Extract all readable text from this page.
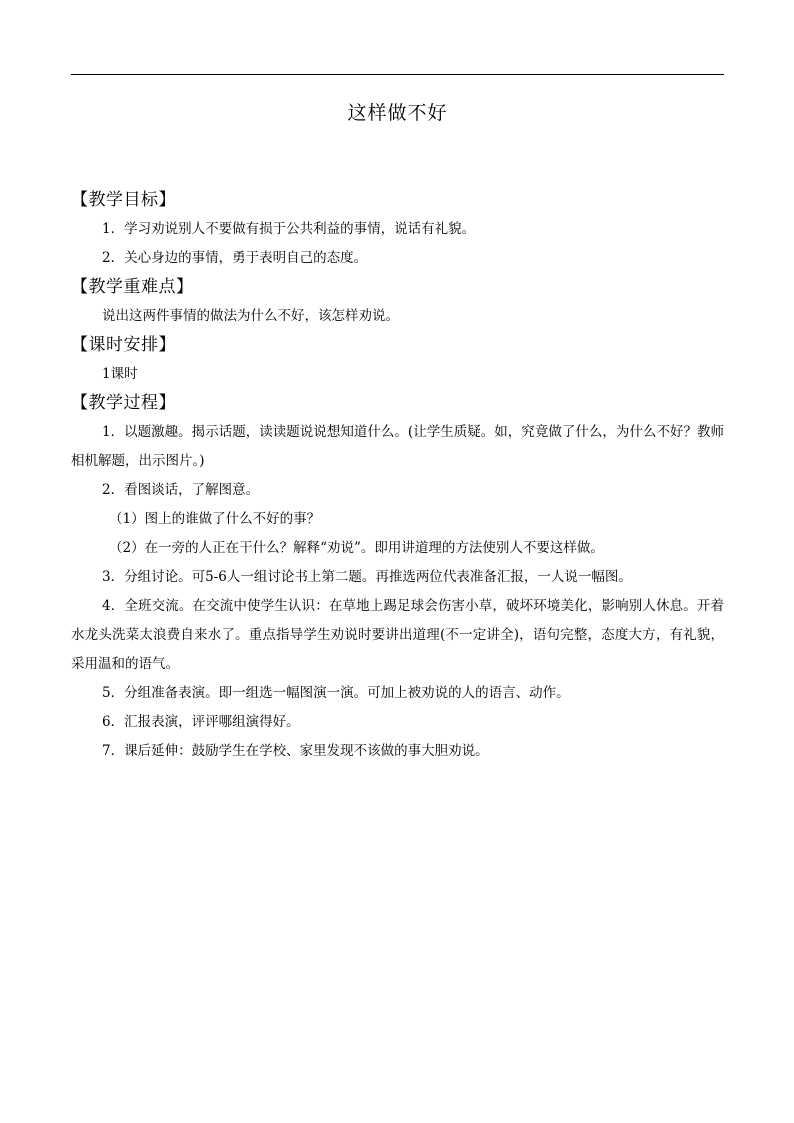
这样做不好
【教学目标】

1．学习劝说别人不要做有损于公共利益的事情，说话有礼貌。

2．关心身边的事情，勇于表明自己的态度。

【教学重难点】

说出这两件事情的做法为什么不好，该怎样劝说。

【课时安排】

1课时

【教学过程】

1．以题激趣。揭示话题，读读题说说想知道什么。(让学生质疑。如，究竟做了什么，为什么不好？教师相机解题，出示图片。)

2．看图谈话，了解图意。

（1）图上的谁做了什么不好的事？

（2）在一旁的人正在干什么？解释“劝说”。即用讲道理的方法使别人不要这样做。

3．分组讨论。可5-6人一组讨论书上第二题。再推选两位代表准备汇报，一人说一幅图。

4．全班交流。在交流中使学生认识：在草地上踢足球会伤害小草，破坏环境美化，影响别人休息。开着水龙头洗菜太浪费自来水了。重点指导学生劝说时要讲出道理(不一定讲全)，语句完整，态度大方，有礼貌，采用温和的语气。

5．分组准备表演。即一组选一幅图演一演。可加上被劝说的人的语言、动作。

6．汇报表演，评评哪组演得好。

7．课后延伸：鼓励学生在学校、家里发现不该做的事大胆劝说。
